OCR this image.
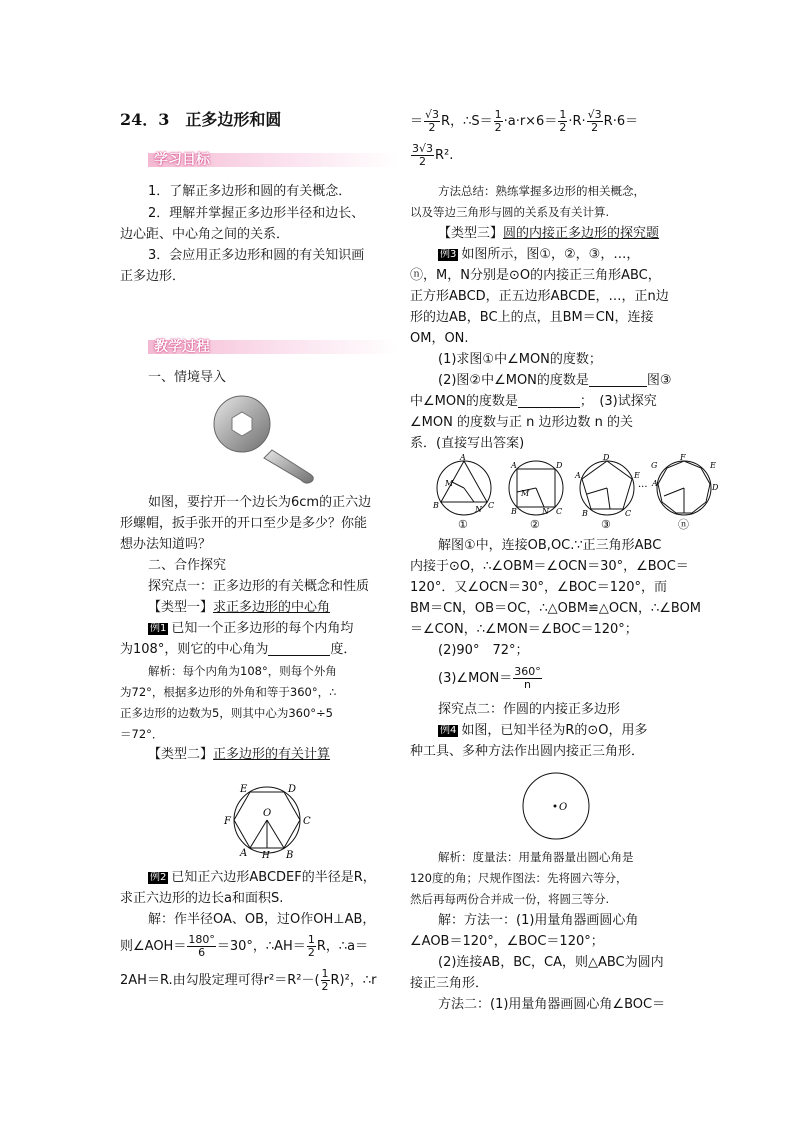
24．3　正多边形和圆
学习目标
1．了解正多边形和圆的有关概念．
2．理解并掌握正多边形半径和边长、
边心距、中心角之间的关系．
3．会应用正多边形和圆的有关知识画
正多边形．
教学过程
一、情境导入
如图，要拧开一个边长为6cm的正六边
形螺帽，扳手张开的开口至少是多少？你能
想办法知道吗？
二、合作探究
探究点一：正多边形的有关概念和性质
【类型一】求正多边形的中心角
例1 已知一个正多边形的每个内角均
为108°，则它的中心角为	度．
解析：每个内角为108°，则每个外角
为72°，根据多边形的外角和等于360°，∴
正多边形的边数为5，则其中心为360°÷5
＝72°．
【类型二】正多边形的有关计算
E	D
F
O
C
A H B
例2 已知正六边形ABCDEF的半径是R，
求正六边形的边长a和面积S.
解：作半径OA、OB，过O作OH⊥AB，
则∠AOH＝ $\frac{180^\circ}{6} =30^\circ$，∴AH＝ $\frac{1}{2}$ R，∴a＝
2AH＝R.由勾股定理可得$r^2=R^2-( \frac{1}{2} R)^2$，∴r
＝ $\frac{√3}{2}$ R，∴S＝ $\frac{1}{2} \cdot a\cdot r\times 6= \frac{1}{2} \cdot R\cdot \frac{√3}{2} R\cdot 6=$
$\frac{3√3}{2} R^2$.
方法总结：熟练掌握多边形的相关概念，
以及等边三角形与圆的关系及有关计算.
【类型三】圆的内接正多边形的探究题
例3 如图所示，图①，②，③，…，
ⓝ，M，N分别是⊙O的内接正三角形ABC，
正方形ABCD，正五边形ABCDE，…，正n边
形的边AB，BC上的点，且BM＝CN，连接
OM，ON.
(1)求图①中∠MON的度数；
(2)图②中∠MON的度数是	图③
中∠MON的度数是	；　(3)试探究
∠MON 的度数与正 n 边形边数 n 的关
系．(直接写出答案)
A
B	C
M
N
A	D
B	C
M
N
D
A	E
B	C
···
G
F
E
A	D
①	②	③	ⓝ
解图①中，连接OB,OC.∵正三角形ABC
内接于⊙O，∴∠OBM＝∠OCN＝30°，∠BOC＝
120°．又∠OCN＝30°，∠BOC＝120°，而
BM＝CN，OB＝OC，∴△OBM≌△OCN，∴∠BOM
＝∠CON，∴∠MON＝∠BOC＝120°；
(2)90°　72°；
(3)∠MON＝ $\frac{360^\circ}{n}$
探究点二：作圆的内接正多边形
例4 如图，已知半径为R的⊙O，用多
种工具、多种方法作出圆内接正三角形．
O
解析：度量法：用量角器量出圆心角是
120度的角；尺规作图法：先将圆六等分，
然后再每两份合并成一份，将圆三等分.
解：方法一：(1)用量角器画圆心角
∠AOB＝120°，∠BOC＝120°；
(2)连接AB，BC，CA，则△ABC为圆内
接正三角形．
方法二：(1)用量角器画圆心角∠BOC＝
